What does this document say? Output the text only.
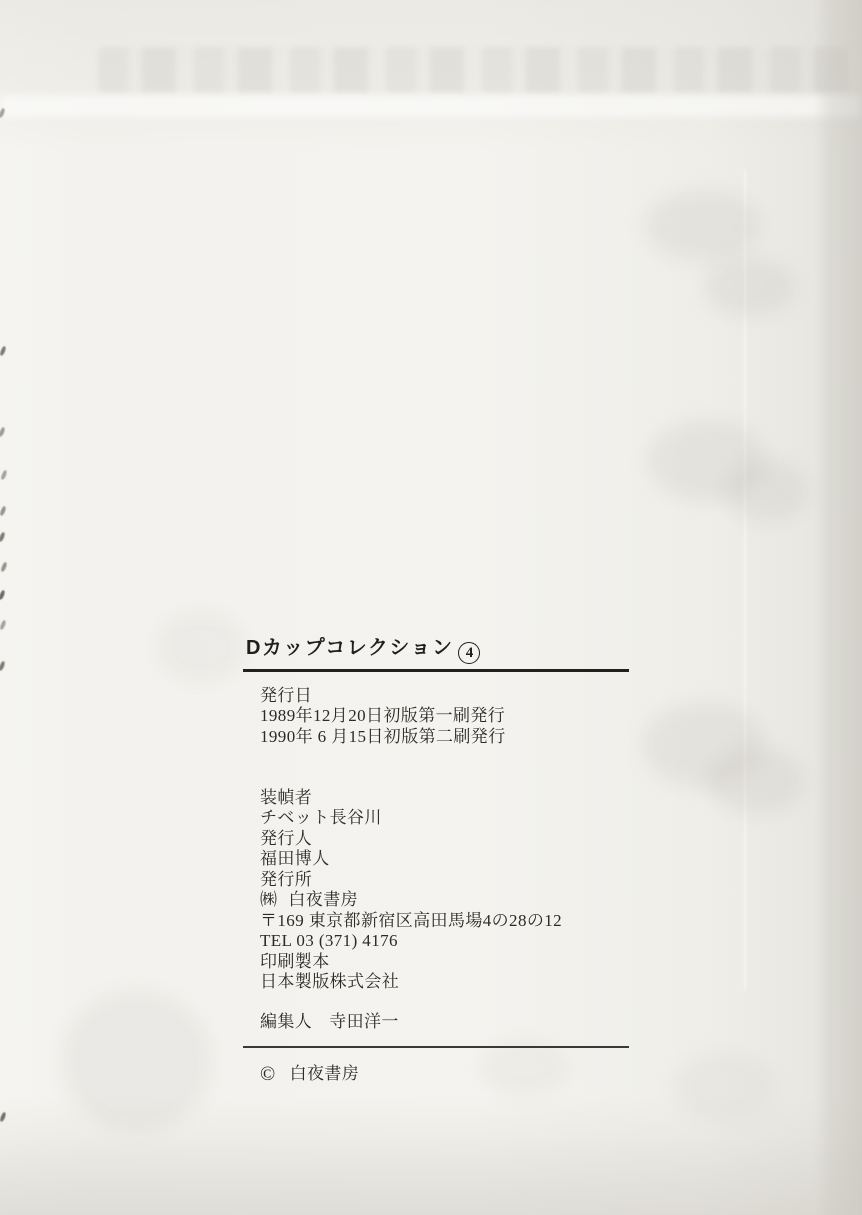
Dカップコレクション 4

発行日

1989年12月20日初版第一刷発行

1990年 6 月15日初版第二刷発行

装幀者

チベット長谷川

発行人

福田博人

発行所

㈱ 白夜書房

〒169 東京都新宿区高田馬場4の28の12

TEL 03 (371) 4176

印刷製本

日本製版株式会社

編集人 寺田洋一

© 白夜書房
